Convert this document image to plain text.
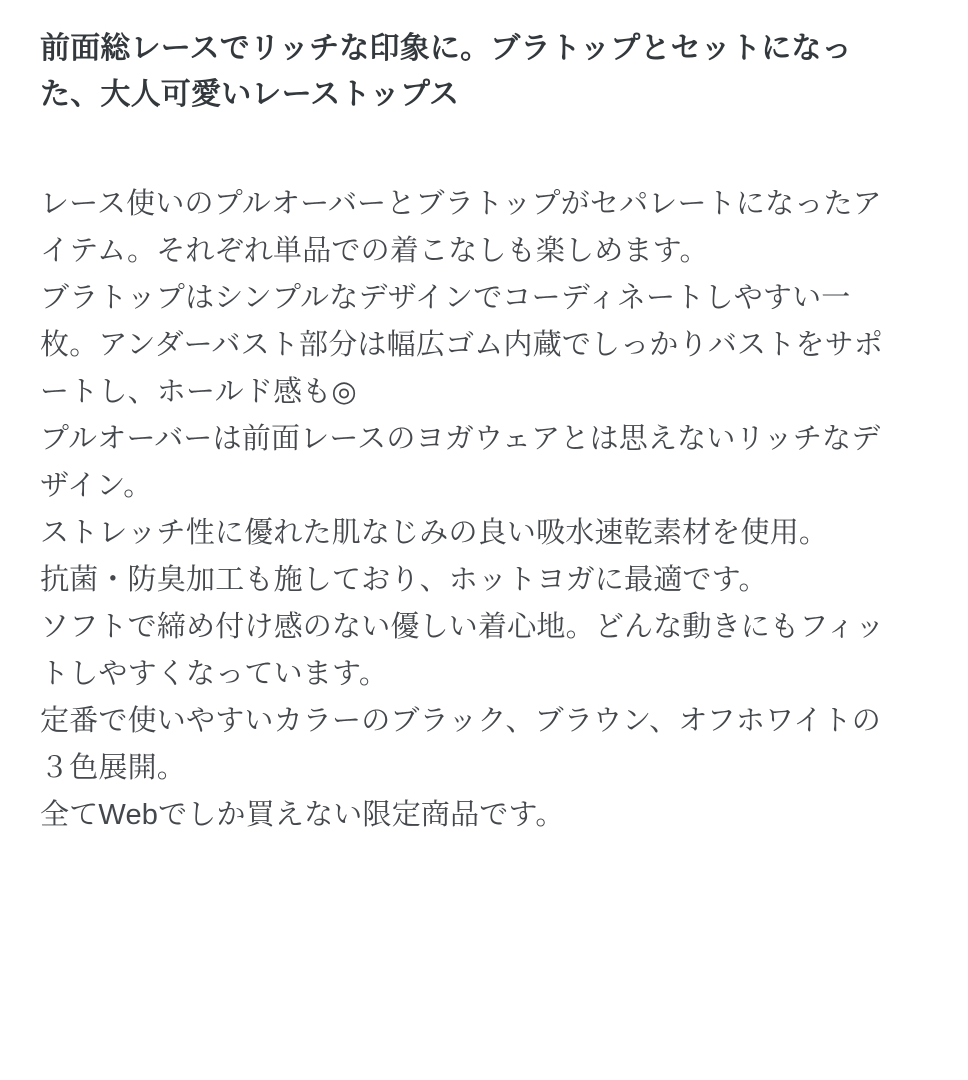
前面総レースでリッチな印象に。ブラトップとセットになった、大人可愛いレーストップス

レース使いのプルオーバーとブラトップがセパレートになったアイテム。それぞれ単品での着こなしも楽しめます。

ブラトップはシンプルなデザインでコーディネートしやすい一枚。アンダーバスト部分は幅広ゴム内蔵でしっかりバストをサポートし、ホールド感も◎

プルオーバーは前面レースのヨガウェアとは思えないリッチなデザイン。

ストレッチ性に優れた肌なじみの良い吸水速乾素材を使用。

抗菌・防臭加工も施しており、ホットヨガに最適です。

ソフトで締め付け感のない優しい着心地。どんな動きにもフィットしやすくなっています。

定番で使いやすいカラーのブラック、ブラウン、オフホワイトの３色展開。

全てWebでしか買えない限定商品です。
